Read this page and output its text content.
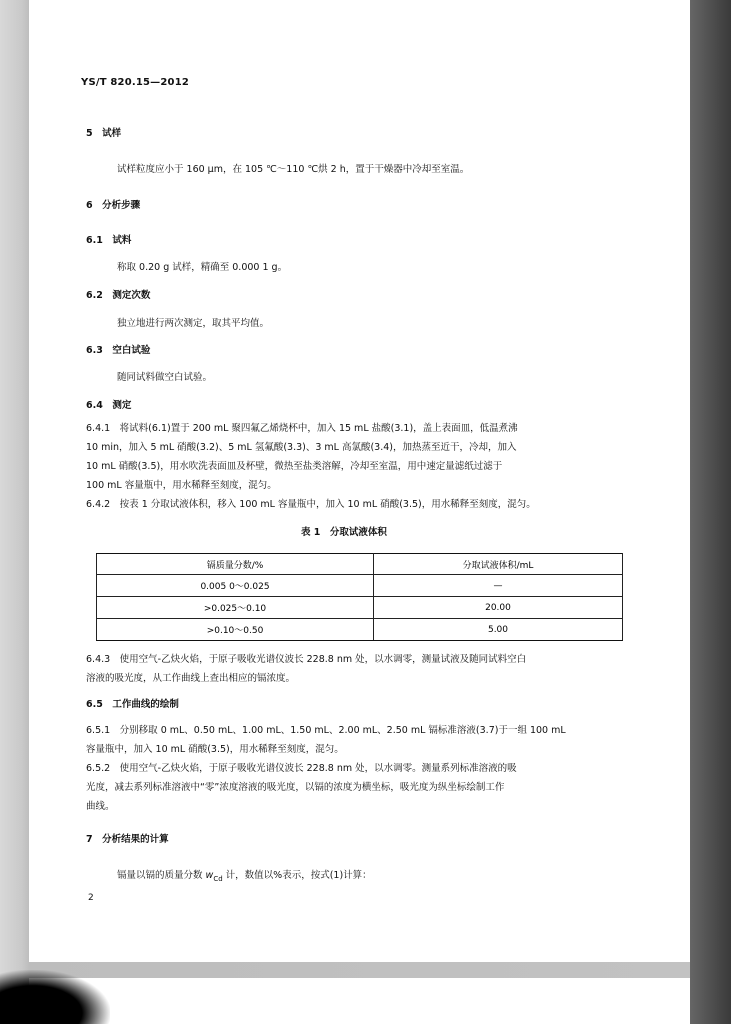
YS/T 820.15—2012
5　试样
试样粒度应小于 160 μm，在 105 ℃～110 ℃烘 2 h，置于干燥器中冷却至室温。
6　分析步骤
6.1　试料
称取 0.20 g 试样，精确至 0.000 1 g。
6.2　测定次数
独立地进行两次测定，取其平均值。
6.3　空白试验
随同试料做空白试验。
6.4　测定
6.4.1　将试料(6.1)置于 200 mL 聚四氟乙烯烧杯中，加入 15 mL 盐酸(3.1)，盖上表面皿，低温煮沸
10 min，加入 5 mL 硝酸(3.2)、5 mL 氢氟酸(3.3)、3 mL 高氯酸(3.4)，加热蒸至近干，冷却，加入
10 mL 硝酸(3.5)，用水吹洗表面皿及杯壁，微热至盐类溶解，冷却至室温，用中速定量滤纸过滤于
100 mL 容量瓶中，用水稀释至刻度，混匀。
6.4.2　按表 1 分取试液体积，移入 100 mL 容量瓶中，加入 10 mL 硝酸(3.5)，用水稀释至刻度，混匀。
表 1　分取试液体积
镉质量分数/%	分取试液体积/mL
0.005 0～0.025	—
>0.025～0.10	20.00
>0.10～0.50	5.00
6.4.3　使用空气-乙炔火焰，于原子吸收光谱仪波长 228.8 nm 处，以水调零，测量试液及随同试料空白
溶液的吸光度，从工作曲线上查出相应的镉浓度。
6.5　工作曲线的绘制
6.5.1　分别移取 0 mL、0.50 mL、1.00 mL、1.50 mL、2.00 mL、2.50 mL 镉标准溶液(3.7)于一组 100 mL
容量瓶中，加入 10 mL 硝酸(3.5)，用水稀释至刻度，混匀。
6.5.2　使用空气-乙炔火焰，于原子吸收光谱仪波长 228.8 nm 处，以水调零。测量系列标准溶液的吸
光度，减去系列标准溶液中“零”浓度溶液的吸光度，以镉的浓度为横坐标，吸光度为纵坐标绘制工作
曲线。
7　分析结果的计算
镉量以镉的质量分数 $w_{Cd}$ 计，数值以%表示，按式(1)计算：
2
